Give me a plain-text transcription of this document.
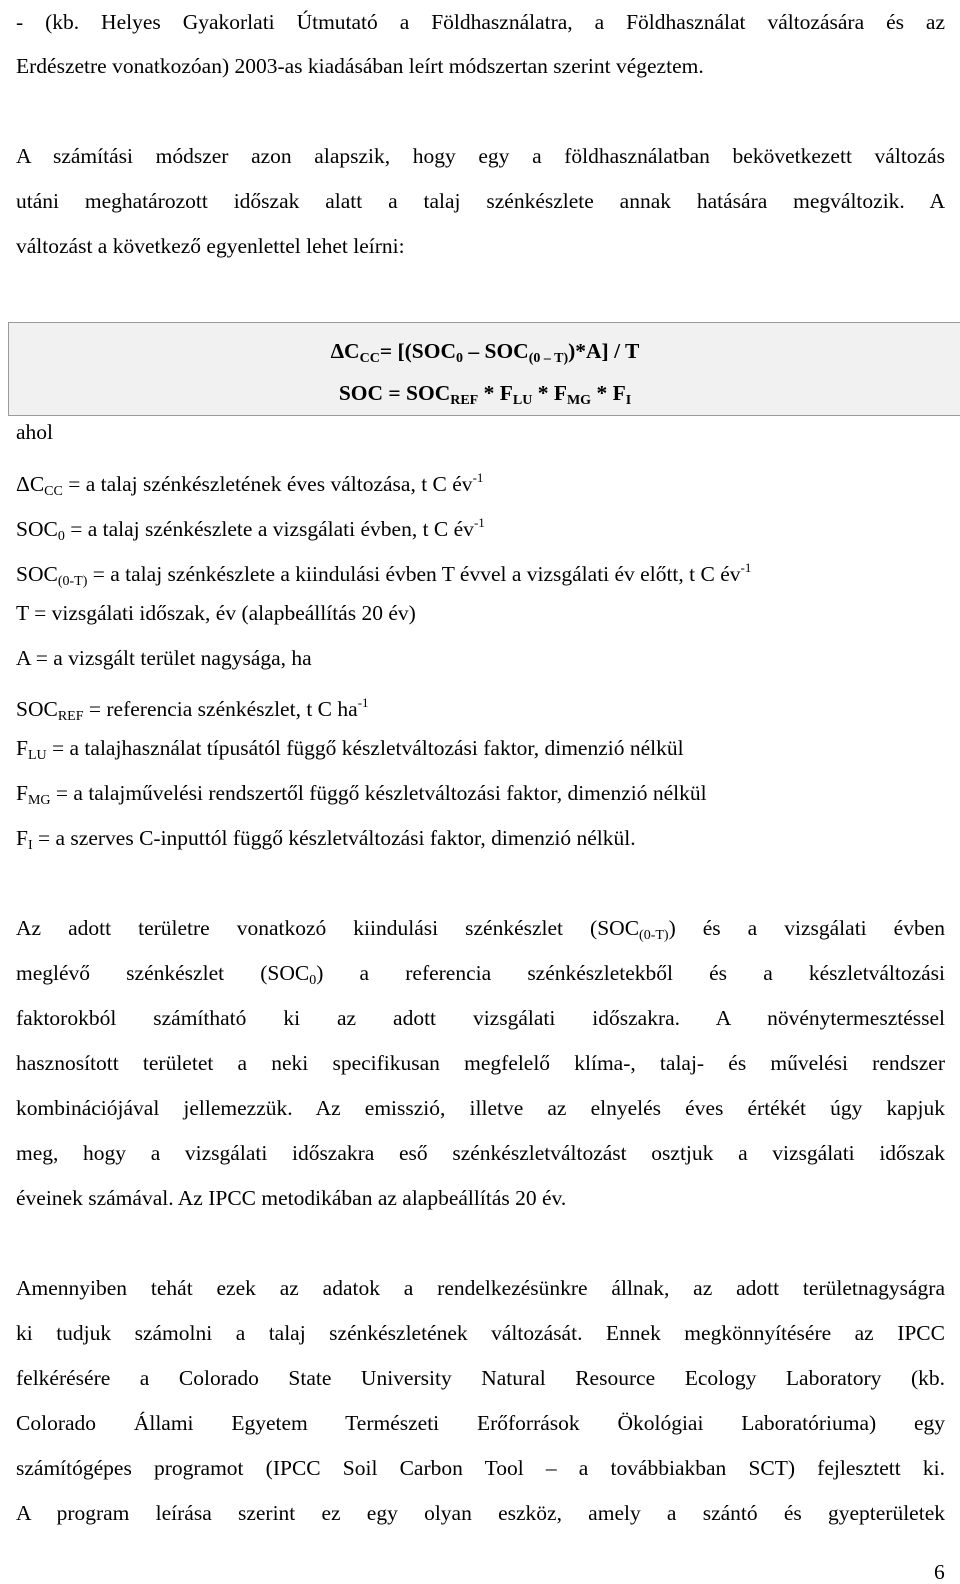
- (kb. Helyes Gyakorlati Útmutató a Földhasználatra, a Földhasználat változására és az
Erdészetre vonatkozóan) 2003-as kiadásában leírt módszertan szerint végeztem.
A számítási módszer azon alapszik, hogy egy a földhasználatban bekövetkezett változás
utáni meghatározott időszak alatt a talaj szénkészlete annak hatására megváltozik. A
változást a következő egyenlettel lehet leírni:
$\Delta C_{CC}= [(SOC_0 - SOC_{(0 - T)})*A] / T$
SOC = $SOC_{REF} * F_{LU} * F_{MG} * F_I$
ahol
$\Delta C_{CC} = a$ talaj szénkészletének éves változása, t C $év^{-1}$
$SOC_0 = a$ talaj szénkészlete a vizsgálati évben, t C $év^{-1}$
$SOC_{(0-T)} = a$ talaj szénkészlete a kiindulási évben T évvel a vizsgálati év előtt, t C $év^{-1}$
T = vizsgálati időszak, év (alapbeállítás 20 év)
A = a vizsgált terület nagysága, ha
$SOC_{REF}$ = referencia szénkészlet, t C $ha^{-1}$
$F_{LU} = a$ talajhasználat típusától függő készletváltozási faktor, dimenzió nélkül
$F_{MG} = a$ talajművelési rendszertől függő készletváltozási faktor, dimenzió nélkül
$F_I = a$ szerves C-inputtól függő készletváltozási faktor, dimenzió nélkül.
Az adott területre vonatkozó kiindulási szénkészlet $(SOC_{(0-T)})$ és a vizsgálati évben
meglévő szénkészlet $(SOC_0)$ a referencia szénkészletekből és a készletváltozási
faktorokból számítható ki az adott vizsgálati időszakra. A növénytermesztéssel
hasznosított területet a neki specifikusan megfelelő klíma-, talaj- és művelési rendszer
kombinációjával jellemezzük. Az emisszió, illetve az elnyelés éves értékét úgy kapjuk
meg, hogy a vizsgálati időszakra eső szénkészletváltozást osztjuk a vizsgálati időszak
éveinek számával. Az IPCC metodikában az alapbeállítás 20 év.
Amennyiben tehát ezek az adatok a rendelkezésünkre állnak, az adott területnagyságra
ki tudjuk számolni a talaj szénkészletének változását. Ennek megkönnyítésére az IPCC
felkérésére a Colorado State University Natural Resource Ecology Laboratory (kb.
Colorado Állami Egyetem Természeti Erőforrások Ökológiai Laboratóriuma) egy
számítógépes programot (IPCC Soil Carbon Tool – a továbbiakban SCT) fejlesztett ki.
A program leírása szerint ez egy olyan eszköz, amely a szántó és gyepterületek
6
